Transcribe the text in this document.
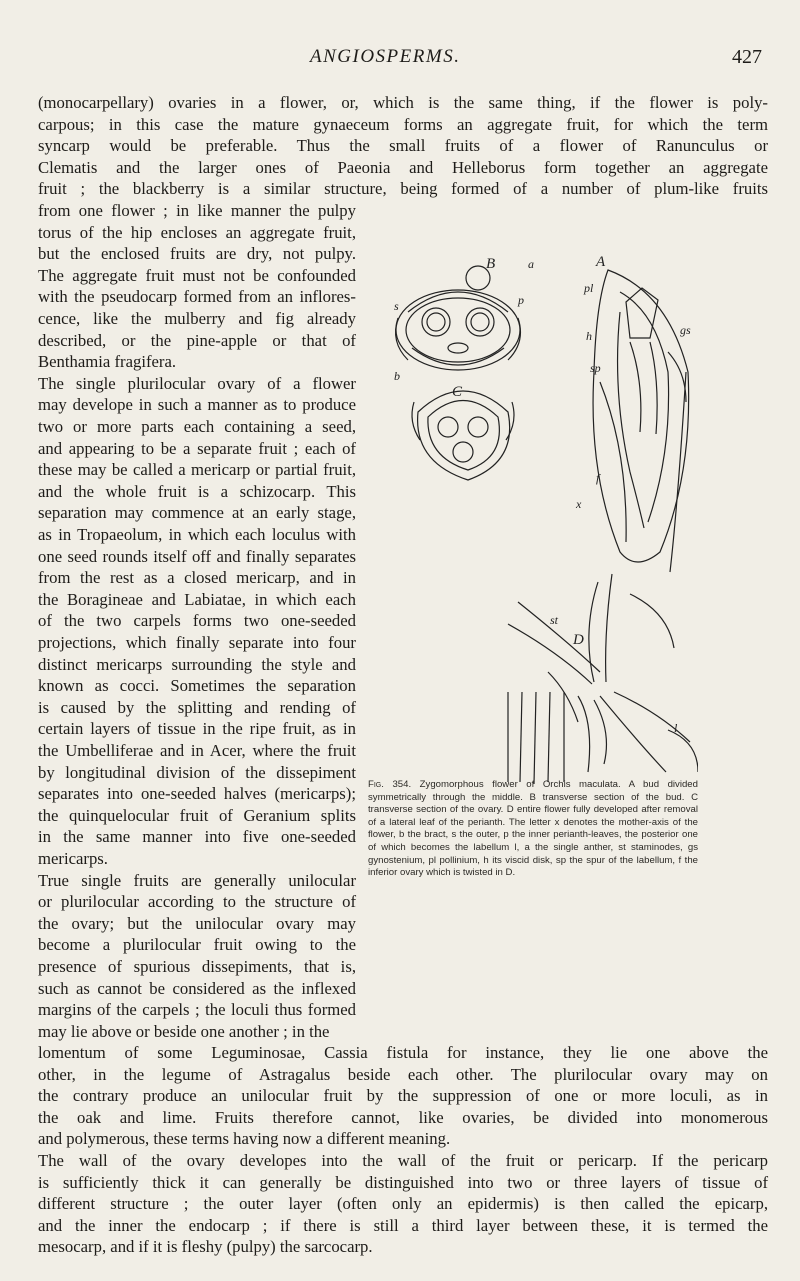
ANGIOSPERMS.	427
(monocarpellary) ovaries in a flower, or, which is the same thing, if the flower is poly-
carpous; in this case the mature gynaeceum forms an aggregate fruit, for which the term
syncarp would be preferable. Thus the small fruits of a flower of Ranunculus or
Clematis and the larger ones of Paeonia and Helleborus form together an aggregate
fruit ; the blackberry is a similar structure, being formed of a number of plum-like fruits
from one flower ; in like manner the pulpy
torus of the hip encloses an aggregate fruit,
but the enclosed fruits are dry, not pulpy.
The aggregate fruit must not be confounded
with the pseudocarp formed from an inflores-
cence, like the mulberry and fig already
described, or the pine-apple or that of
Benthamia fragifera.
The single plurilocular ovary of a flower
may develope in such a manner as to produce
two or more parts each containing a seed,
and appearing to be a separate fruit ; each of
these may be called a mericarp or partial fruit,
and the whole fruit is a schizocarp. This
separation may commence at an early stage,
as in Tropaeolum, in which each loculus with
one seed rounds itself off and finally separates
from the rest as a closed mericarp, and in
the Boragineae and Labiatae, in which each
of the two carpels forms two one-seeded
projections, which finally separate into four
distinct mericarps surrounding the style and
known as cocci. Sometimes the separation
is caused by the splitting and rending of
certain layers of tissue in the ripe fruit, as in
the Umbelliferae and in Acer, where the fruit
by longitudinal division of the dissepiment
separates into one-seeded halves (mericarps);
the quinquelocular fruit of Geranium splits
in the same manner into five one-seeded
mericarps.
True single fruits are generally unilocular
or plurilocular according to the structure of
the ovary; but the unilocular ovary may
become a plurilocular fruit owing to the
presence of spurious dissepiments, that is,
such as cannot be considered as the inflexed
margins of the carpels ; the loculi thus formed
may lie above or beside one another ; in the
lomentum of some Leguminosae, Cassia fistula for instance, they lie one above the
other, in the legume of Astragalus beside each other. The plurilocular ovary may on
the contrary produce an unilocular fruit by the suppression of one or more loculi, as in
the oak and lime. Fruits therefore cannot, like ovaries, be divided into monomerous
and polymerous, these terms having now a different meaning.
The wall of the ovary developes into the wall of the fruit or pericarp. If the pericarp
is sufficiently thick it can generally be distinguished into two or three layers of tissue of
different structure ; the outer layer (often only an epidermis) is then called the epicarp,
and the inner the endocarp ; if there is still a third layer between these, it is termed the
mesocarp, and if it is fleshy (pulpy) the sarcocarp.
B	A
C
D
a
pl
s	p
b
h
sp
gs
f
x
st
l
Fig. 354. Zygomorphous flower of Orchis maculata. A bud divided symmetrically through the middle. B transverse section of the bud. C transverse section of the ovary. D entire flower fully developed after removal of a lateral leaf of the perianth. The letter x denotes the mother-axis of the flower, b the bract, s the outer, p the inner perianth-leaves, the posterior one of which becomes the labellum l, a the single anther, st staminodes, gs gynostenium, pl pollinium, h its viscid disk, sp the spur of the labellum, f the inferior ovary which is twisted in D.
